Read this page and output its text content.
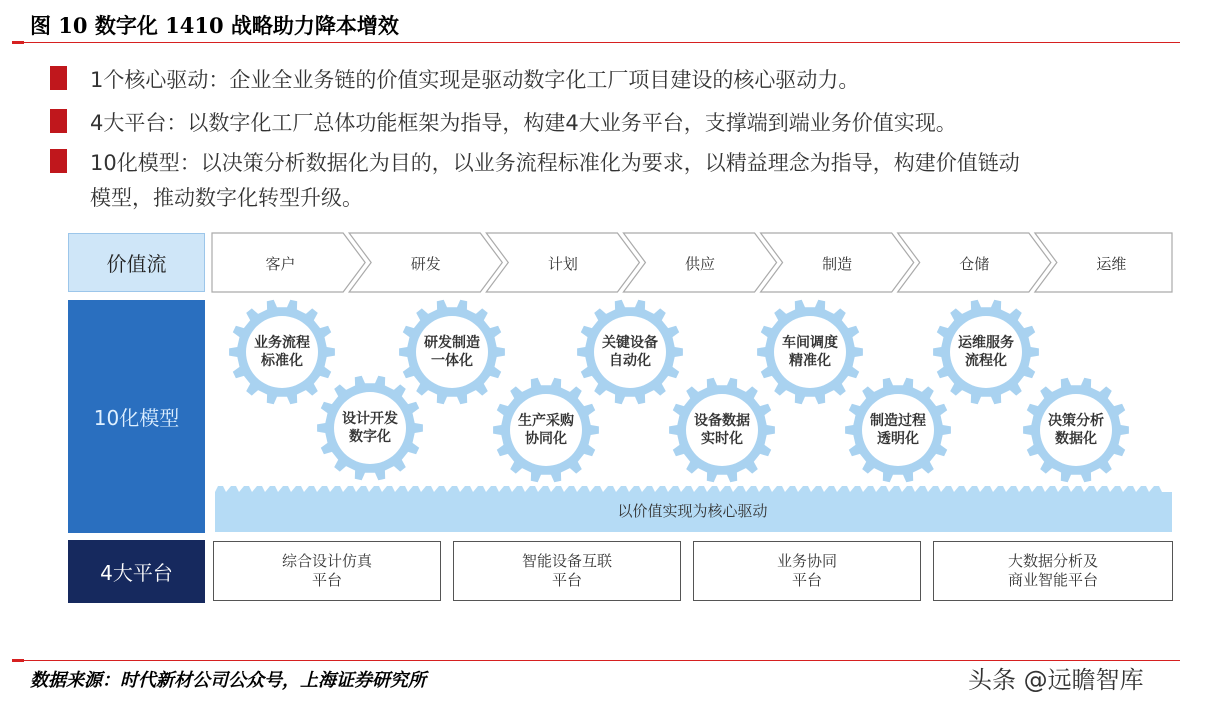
图 10 数字化 1410 战略助力降本增效
1个核心驱动：企业全业务链的价值实现是驱动数字化工厂项目建设的核心驱动力。
4大平台：以数字化工厂总体功能框架为指导，构建4大业务平台，支撑端到端业务价值实现。
10化模型：以决策分析数据化为目的，以业务流程标准化为要求，以精益理念为指导，构建价值链动
模型，推动数字化转型升级。
价值流
10化模型
4大平台
客户	研发	计划	供应	制造	仓储	运维
业务流程
标准化
设计开发
数字化
研发制造
一体化
生产采购
协同化
关键设备
自动化
设备数据
实时化
车间调度
精准化
制造过程
透明化
运维服务
流程化
决策分析
数据化
以价值实现为核心驱动
综合设计仿真
平台
智能设备互联
平台
业务协同
平台
大数据分析及
商业智能平台
数据来源：时代新材公司公众号，上海证券研究所	头条 @远瞻智库
